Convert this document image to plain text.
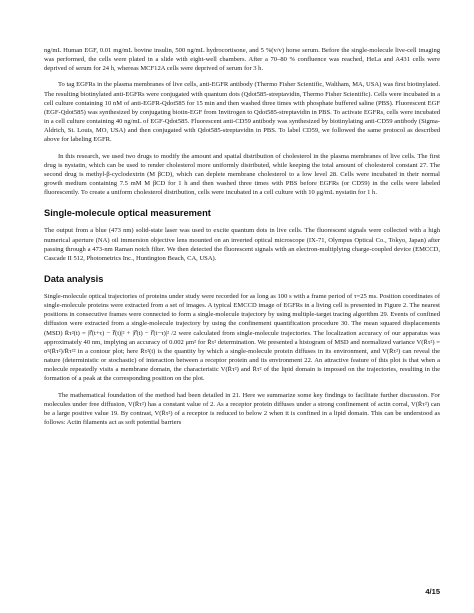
ng/mL Human EGF, 0.01 mg/mL bovine insulin, 500 ng/mL hydrocortisone, and 5 %(v/v) horse serum. Before the single-molecule live-cell imaging was performed, the cells were plated in a slide with eight-well chambers. After a 70–80 % confluence was reached, HeLa and A431 cells were deprived of serum for 24 h, whereas MCF12A cells were deprived of serum for 3 h.

To tag EGFRs in the plasma membranes of live cells, anti-EGFR antibody (Thermo Fisher Scientific, Waltham, MA, USA) was first biotinylated. The resulting biotinylated anti-EGFRs were conjugated with quantum dots (Qdot585-streptavidin, Thermo Fisher Scientific). Cells were incubated in a cell culture containing 10 nM of anti-EGFR-Qdot585 for 15 min and then washed three times with phosphate buffered saline (PBS). Fluorescent EGF (EGF-Qdot585) was synthesized by conjugating biotin-EGF from Invitrogen to Qdot585-streptavidin in PBS. To activate EGFRs, cells were incubated in a cell culture containing 40 ng/mL of EGF-Qdot585. Fluorescent anti-CD59 antibody was synthesized by biotinylating anti-CD59 antibody (Sigma-Aldrich, St. Louis, MO, USA) and then conjugated with Qdot585-streptavidin in PBS. To label CD59, we followed the same protocol as described above for labeling EGFR.

In this research, we used two drugs to modify the amount and spatial distribution of cholesterol in the plasma membranes of live cells. The first drug is nystatin, which can be used to render cholesterol more uniformly distributed, while keeping the total amount of cholesterol constant 27. The second drug is methyl-β-cyclodextrin (M βCD), which can deplete membrane cholesterol to a low level 28. Cells were incubated in their normal growth medium containing 7.5 mM M βCD for 1 h and then washed three times with PBS before EGFRs (or CD59) in the cells were labeled fluorescently. To create a uniform cholesterol distribution, cells were incubated in a cell culture with 10 μg/mL nystatin for 1 h.

Single-molecule optical measurement

The output from a blue (473 nm) solid-state laser was used to excite quantum dots in live cells. The fluorescent signals were collected with a high numerical aperture (NA) oil immersion objective lens mounted on an inverted optical microscope (IX-71, Olympus Optical Co., Tokyo, Japan) after passing through a 473-nm Raman notch filter. We then detected the fluorescent signals with an electron-multiplying charge-coupled device (EMCCD, Cascade II 512, Photometrics Inc., Huntington Beach, CA, USA).

Data analysis

Single-molecule optical trajectories of proteins under study were recorded for as long as 100 s with a frame period of τ=25 ms. Position coordinates of single-molecule proteins were extracted from a set of images. A typical EMCCD image of EGFRs in a living cell is presented in Figure 2. The nearest positions in consecutive frames were connected to form a single-molecule trajectory by using multiple-target tracing algorithm 29. Events of confined diffusion were extracted from a single-molecule trajectory by using the confinement quantification procedure 30. The mean squared displacements (MSD) R̄τ²(t) = |r⃗(t+τ) − r⃗(t)|² + |r⃗(t) − r⃗(t−τ)|² /2 were calculated from single-molecule trajectories. The localization accuracy of our apparatus was approximately 40 nm, implying an accuracy of 0.002 μm² for R̄τ² determination. We presented a histogram of MSD and normalized variance V(R̄τ²) = σ²(R̄τ²)/R̄τ²² in a contour plot; here R̄τ²(t) is the quantity by which a single-molecule protein diffuses in its environment, and V(R̄τ²) can reveal the nature (deterministic or stochastic) of interaction between a receptor protein and its environment 22. An attractive feature of this plot is that when a molecule repeatedly visits a membrane domain, the characteristic V(R̄τ²) and R̄τ² of the lipid domain is imposed on the trajectories, resulting in the formation of a peak at the corresponding position on the plot.

The mathematical foundation of the method had been detailed in 21. Here we summarize some key findings to facilitate further discussion. For molecules under free diffusion, V(R̄τ²) has a constant value of 2. As a receptor protein diffuses under a strong confinement of actin corral, V(R̄τ²) can be a large positive value 19. By contrast, V(R̄τ²) of a receptor is reduced to below 2 when it is confined in a lipid domain. This can be understood as follows: Actin filaments act as soft potential barriers

4/15
